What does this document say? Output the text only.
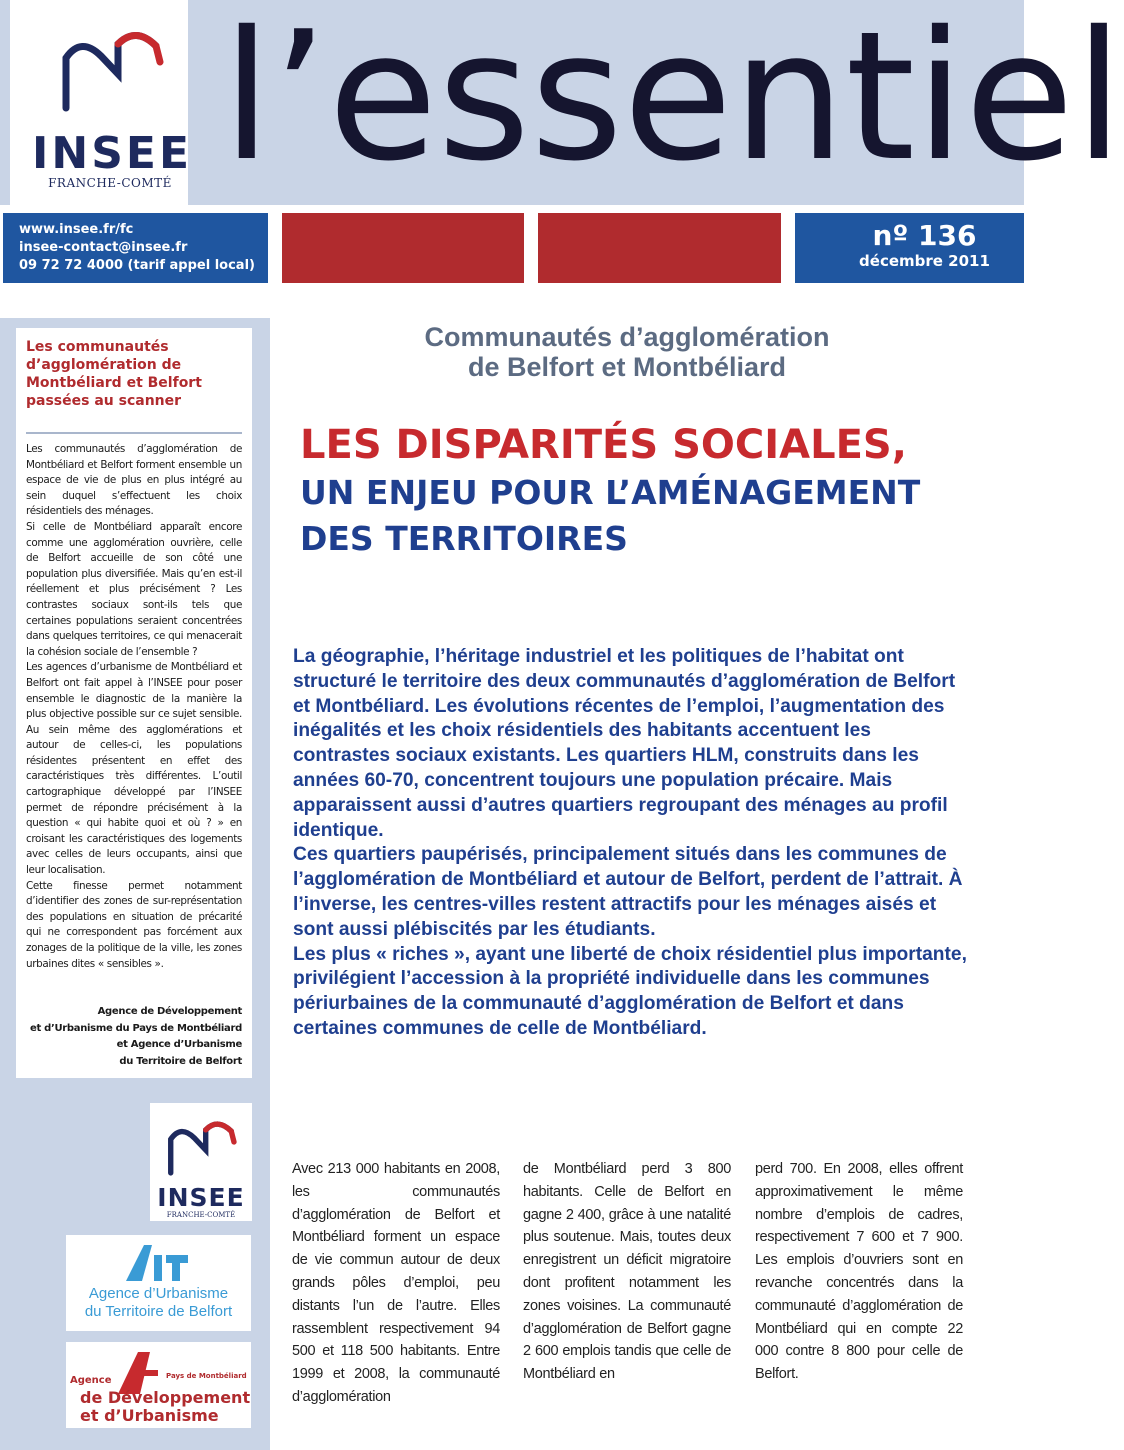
INSEE
FRANCHE-COMTÉ l’essentiel
www.insee.fr/fc
insee-contact@insee.fr
09 72 72 4000 (tarif appel local)
nº 136
décembre 2011
Les communautés d’agglomération de Montbéliard et Belfort passées au scanner

Les communautés d’agglomération de Montbéliard et Belfort forment ensemble un espace de vie de plus en plus intégré au sein duquel s’effectuent les choix résidentiels des ménages.

Si celle de Montbéliard apparaît encore comme une agglomération ouvrière, celle de Belfort accueille de son côté une population plus diversifiée. Mais qu’en est-il réellement et plus précisément ? Les contrastes sociaux sont-ils tels que certaines populations seraient concentrées dans quelques territoires, ce qui menacerait la cohésion sociale de l’ensemble ?

Les agences d’urbanisme de Montbéliard et Belfort ont fait appel à l’INSEE pour poser ensemble le diagnostic de la manière la plus objective possible sur ce sujet sensible. Au sein même des agglomérations et autour de celles-ci, les populations résidentes présentent en effet des caractéristiques très différentes. L’outil cartographique développé par l’INSEE permet de répondre précisément à la question « qui habite quoi et où ? » en croisant les caractéristiques des logements avec celles de leurs occupants, ainsi que leur localisation.

Cette finesse permet notamment d’identifier des zones de sur-représentation des populations en situation de précarité qui ne correspondent pas forcément aux zonages de la politique de la ville, les zones urbaines dites « sensibles ».

Agence de Développement
et d’Urbanisme du Pays de Montbéliard
et Agence d’Urbanisme
du Territoire de Belfort
INSEE
FRANCHE-COMTÉ
Agence d’Urbanisme
du Territoire de Belfort
Agence	Pays de Montbéliard
de Développement
et d’Urbanisme
Communautés d’agglomération
de Belfort et Montbéliard
LES DISPARITÉS SOCIALES,
UN ENJEU POUR L’AMÉNAGEMENT
DES TERRITOIRES

La géographie, l’héritage industriel et les politiques de l’habitat ont structuré le territoire des deux communautés d’agglomération de Belfort et Montbéliard. Les évolutions récentes de l’emploi, l’augmentation des inégalités et les choix résidentiels des habitants accentuent les contrastes sociaux existants. Les quartiers HLM, construits dans les années 60-70, concentrent toujours une population précaire. Mais apparaissent aussi d’autres quartiers regroupant des ménages au profil identique.

Ces quartiers paupérisés, principalement situés dans les communes de l’agglomération de Montbéliard et autour de Belfort, perdent de l’attrait. À l’inverse, les centres-villes restent attractifs pour les ménages aisés et sont aussi plébiscités par les étudiants.

Les plus « riches », ayant une liberté de choix résidentiel plus importante, privilégient l’accession à la propriété individuelle dans les communes périurbaines de la communauté d’agglomération de Belfort et dans certaines communes de celle de Montbéliard.

Avec 213 000 habitants en 2008, les communautés d’agglomération de Belfort et Montbéliard forment un espace de vie commun autour de deux grands pôles d’emploi, peu distants l’un de l’autre. Elles rassemblent respectivement 94 500 et 118 500 habitants. Entre 1999 et 2008, la communauté d’agglomération
de Montbéliard perd 3 800 habitants. Celle de Belfort en gagne 2 400, grâce à une natalité plus soutenue. Mais, toutes deux enregistrent un déficit migratoire dont profitent notamment les zones voisines. La communauté d’agglomération de Belfort gagne 2 600 emplois tandis que celle de Montbéliard en
perd 700. En 2008, elles offrent approximativement le même nombre d’emplois de cadres, respectivement 7 600 et 7 900. Les emplois d’ouvriers sont en revanche concentrés dans la communauté d’agglomération de Montbéliard qui en compte 22 000 contre 8 800 pour celle de Belfort.
